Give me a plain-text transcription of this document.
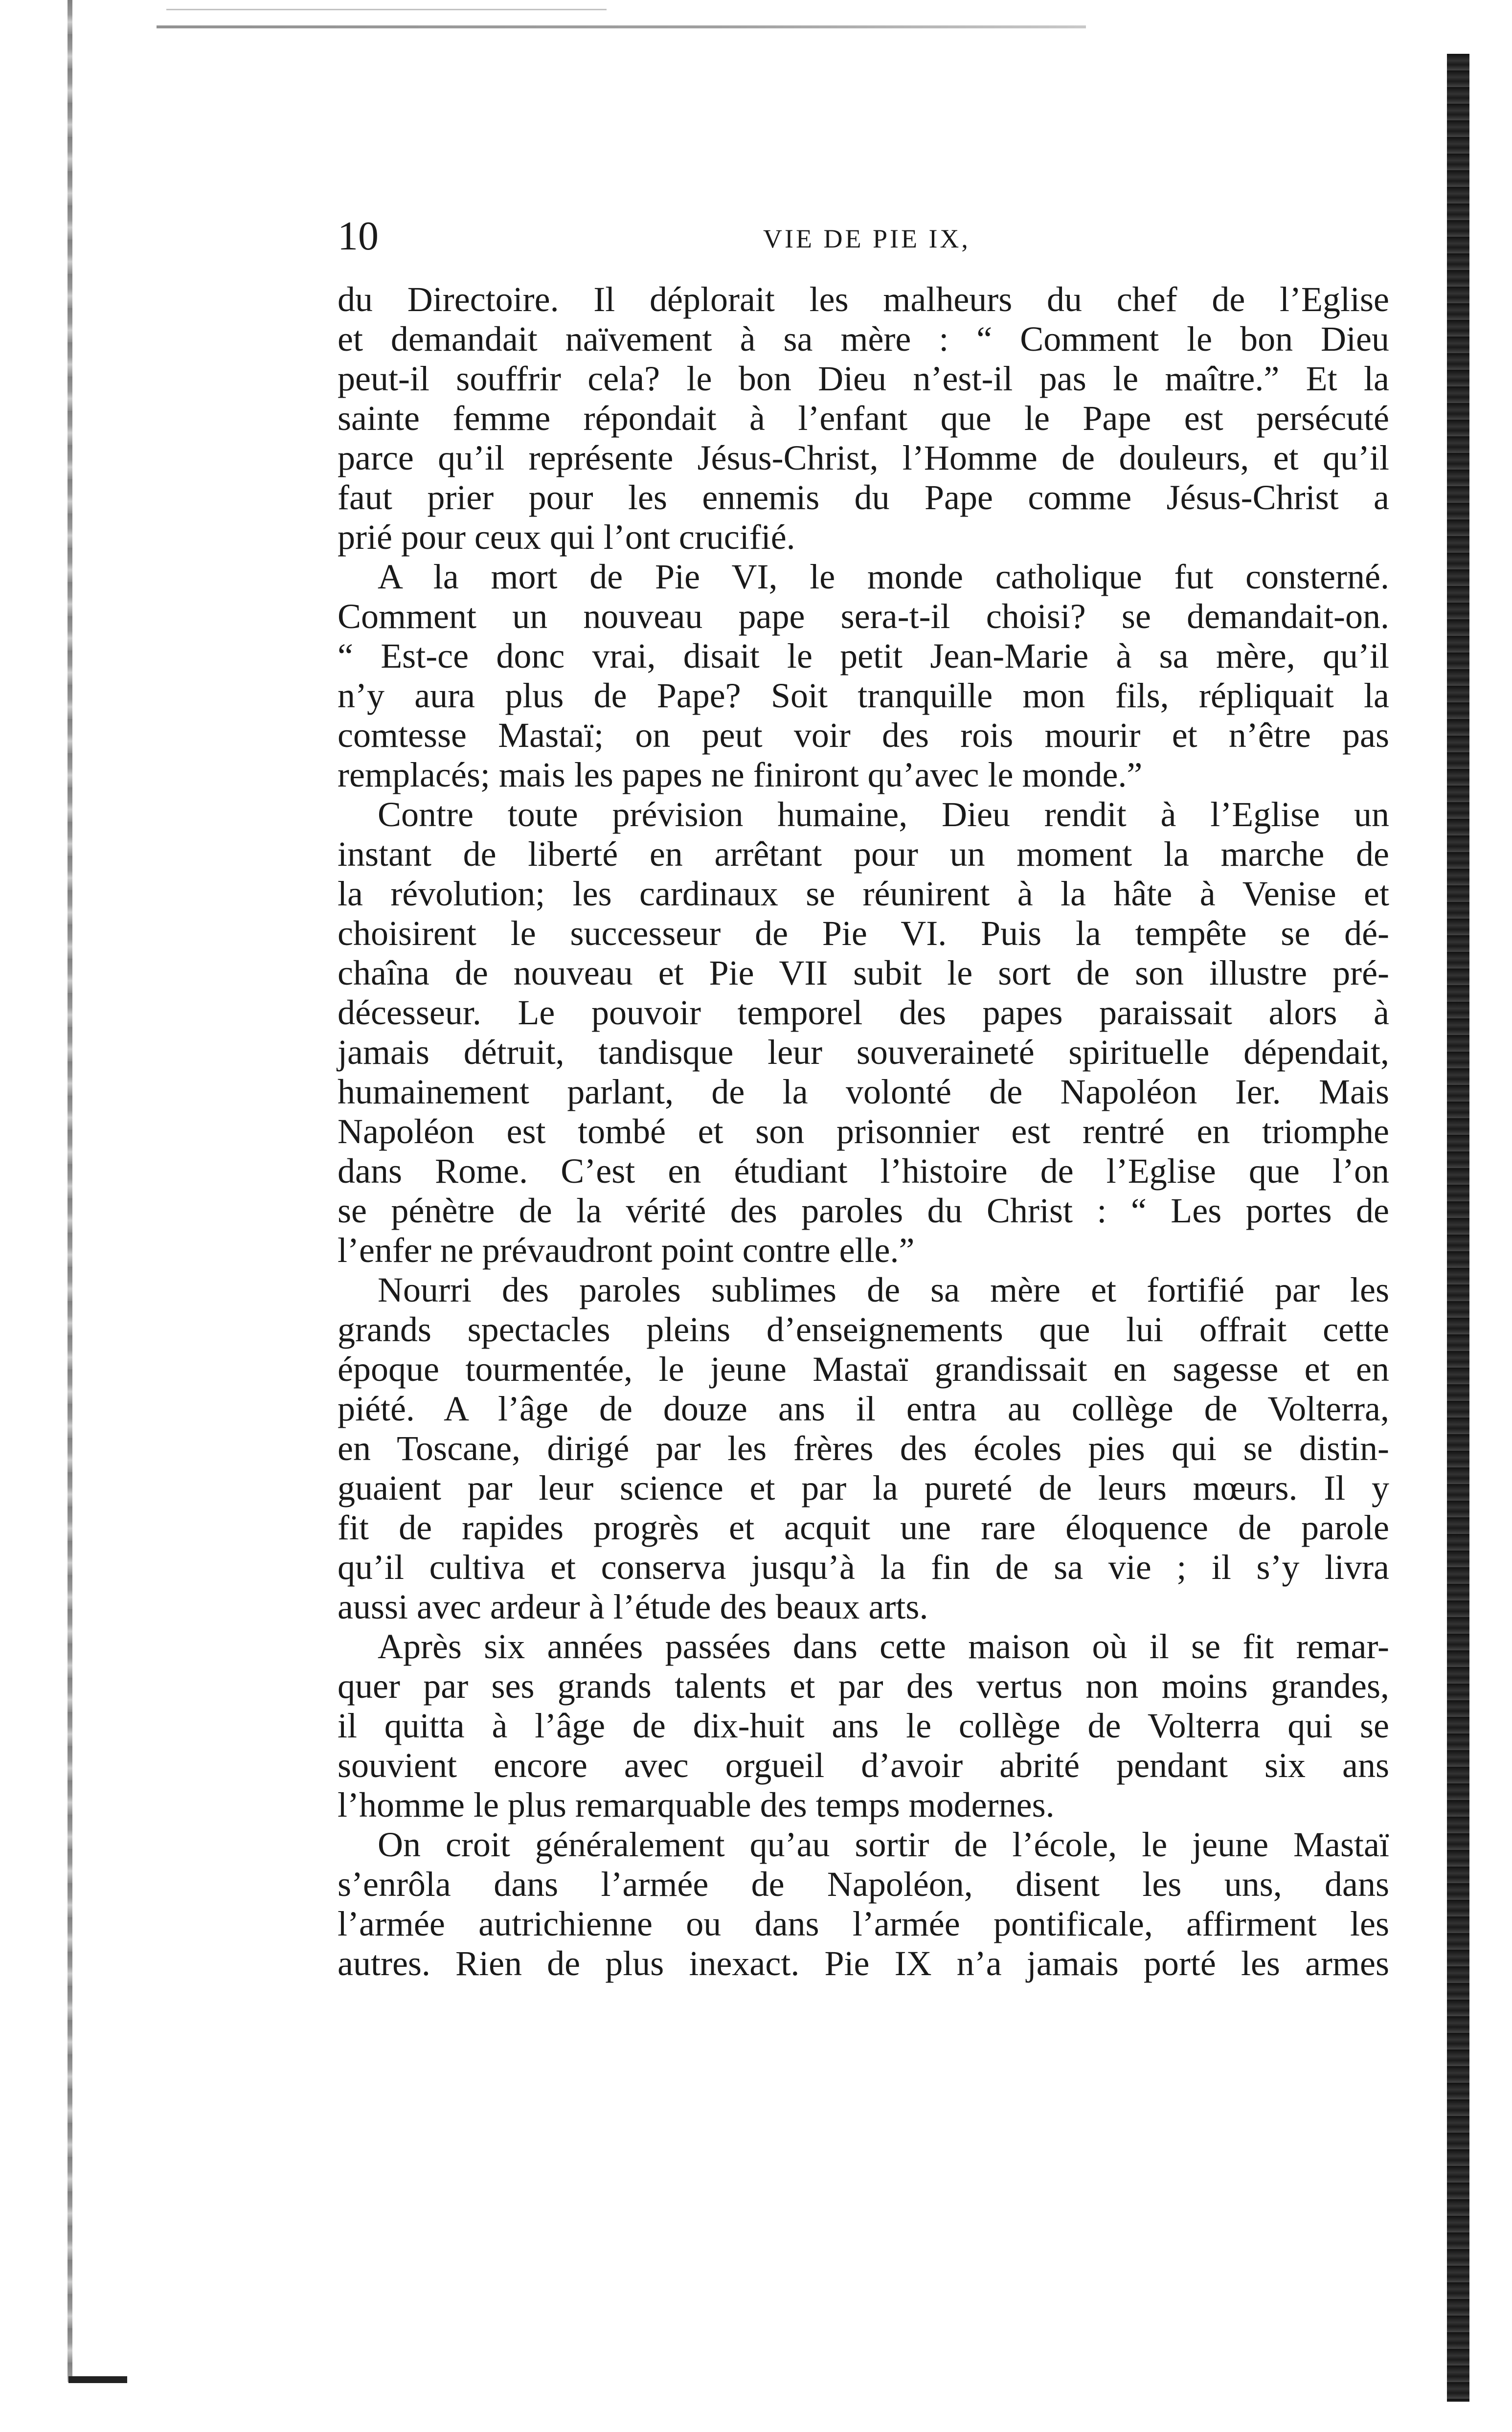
10	VIE DE PIE IX,
du Directoire. Il déplorait les malheurs du chef de l’Eglise
et demandait naïvement à sa mère : “ Comment le bon Dieu
peut-il souffrir cela? le bon Dieu n’est-il pas le maître.” Et la
sainte femme répondait à l’enfant que le Pape est persécuté
parce qu’il représente Jésus-Christ, l’Homme de douleurs, et qu’il
faut prier pour les ennemis du Pape comme Jésus-Christ a
prié pour ceux qui l’ont crucifié.
A la mort de Pie VI, le monde catholique fut consterné.
Comment un nouveau pape sera-t-il choisi? se demandait-on.
“ Est-ce donc vrai, disait le petit Jean-Marie à sa mère, qu’il
n’y aura plus de Pape? Soit tranquille mon fils, répliquait la
comtesse Mastaï; on peut voir des rois mourir et n’être pas
remplacés; mais les papes ne finiront qu’avec le monde.”
Contre toute prévision humaine, Dieu rendit à l’Eglise un
instant de liberté en arrêtant pour un moment la marche de
la révolution; les cardinaux se réunirent à la hâte à Venise et
choisirent le successeur de Pie VI. Puis la tempête se dé-
chaîna de nouveau et Pie VII subit le sort de son illustre pré-
décesseur. Le pouvoir temporel des papes paraissait alors à
jamais détruit, tandisque leur souveraineté spirituelle dépendait,
humainement parlant, de la volonté de Napoléon Ier. Mais
Napoléon est tombé et son prisonnier est rentré en triomphe
dans Rome. C’est en étudiant l’histoire de l’Eglise que l’on
se pénètre de la vérité des paroles du Christ : “ Les portes de
l’enfer ne prévaudront point contre elle.”
Nourri des paroles sublimes de sa mère et fortifié par les
grands spectacles pleins d’enseignements que lui offrait cette
époque tourmentée, le jeune Mastaï grandissait en sagesse et en
piété. A l’âge de douze ans il entra au collège de Volterra,
en Toscane, dirigé par les frères des écoles pies qui se distin-
guaient par leur science et par la pureté de leurs mœurs. Il y
fit de rapides progrès et acquit une rare éloquence de parole
qu’il cultiva et conserva jusqu’à la fin de sa vie ; il s’y livra
aussi avec ardeur à l’étude des beaux arts.
Après six années passées dans cette maison où il se fit remar-
quer par ses grands talents et par des vertus non moins grandes,
il quitta à l’âge de dix-huit ans le collège de Volterra qui se
souvient encore avec orgueil d’avoir abrité pendant six ans
l’homme le plus remarquable des temps modernes.
On croit généralement qu’au sortir de l’école, le jeune Mastaï
s’enrôla dans l’armée de Napoléon, disent les uns, dans
l’armée autrichienne ou dans l’armée pontificale, affirment les
autres. Rien de plus inexact. Pie IX n’a jamais porté les armes
